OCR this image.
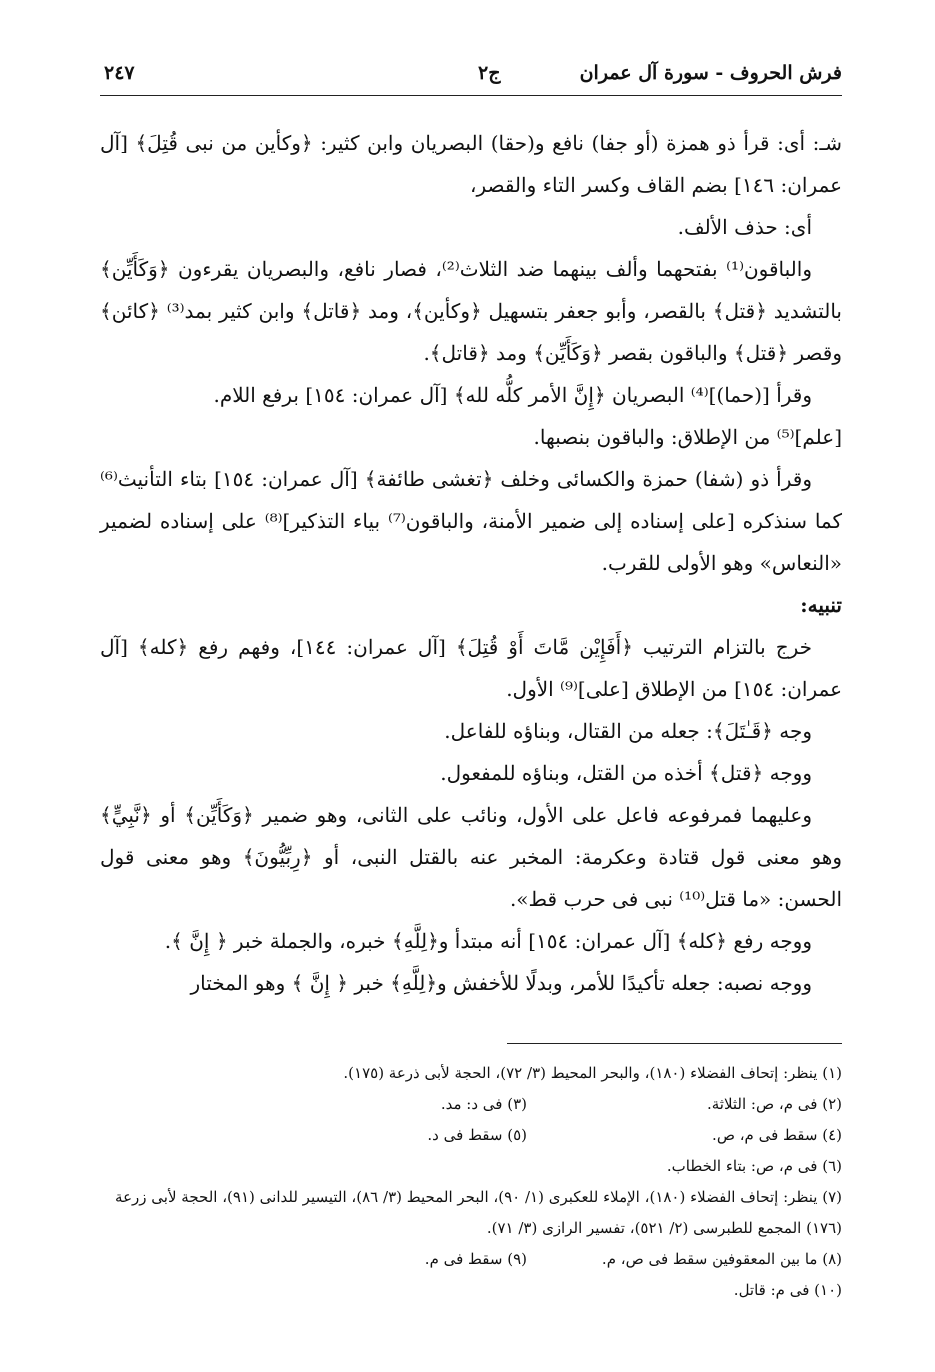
٢٤٧	ج٢	فرش الحروف - سورة آل عمران

شـ: أى: قرأ ذو همزة (أو جفا) نافع و(حقا) البصريان وابن كثير: ﴿وكأين من نبى قُتِلَ﴾ [آل عمران: ١٤٦] بضم القاف وكسر التاء والقصر،

أى: حذف الألف.

والباقون⁽¹⁾ بفتحهما وألف بينهما ضد الثلاث⁽²⁾، فصار نافع، والبصريان يقرءون ﴿وَكَأَيِّن﴾ بالتشديد ﴿قتل﴾ بالقصر، وأبو جعفر بتسهيل ﴿وكأين﴾، ومد ﴿قاتل﴾ وابن كثير بمد⁽³⁾ ﴿كائن﴾ وقصر ﴿قتل﴾ والباقون بقصر ﴿وَكَأَيِّن﴾ ومد ﴿قاتل﴾.

وقرأ [(حما)]⁽⁴⁾ البصريان ﴿إِنَّ الأمر كلُّه لله﴾ [آل عمران: ١٥٤] برفع اللام.

[علم]⁽⁵⁾ من الإطلاق: والباقون بنصبها.

وقرأ ذو (شفا) حمزة والكسائى وخلف ﴿تغشى طائفة﴾ [آل عمران: ١٥٤] بتاء التأنيث⁽⁶⁾ كما سنذكره [على إسناده إلى ضمير الأمنة، والباقون⁽⁷⁾ بياء التذكير]⁽⁸⁾ على إسناده لضمير «النعاس» وهو الأولى للقرب.

تنبيه:

خرج بالتزام الترتيب ﴿أَفَإِيْن مَّاتَ أَوْ قُتِلَ﴾ [آل عمران: ١٤٤]، وفهم رفع ﴿كله﴾ [آل عمران: ١٥٤] من الإطلاق [على]⁽⁹⁾ الأول.

وجه ﴿قَـٰتَلَ﴾: جعله من القتال، وبناؤه للفاعل.

ووجه ﴿قتل﴾ أخذه من القتل، وبناؤه للمفعول.

وعليهما فمرفوعه فاعل على الأول، ونائب على الثانى، وهو ضمير ﴿وَكَأَيِّن﴾ أو ﴿نَّبِيٍّ﴾ وهو معنى قول قتادة وعكرمة: المخبر عنه بالقتل النبى، أو ﴿رِبِّيُّونَ﴾ وهو معنى قول الحسن: «ما قتل⁽¹⁰⁾ نبى فى حرب قط».

ووجه رفع ﴿كله﴾ [آل عمران: ١٥٤] أنه مبتدأ و﴿لِلَّهِ﴾ خبره، والجملة خبر ﴿ إِنَّ ﴾.

ووجه نصبه: جعله تأكيدًا للأمر، وبدلًا للأخفش و﴿لِلَّهِ﴾ خبر ﴿ إِنَّ ﴾ وهو المختار

(١) ينظر: إتحاف الفضلاء (١٨٠)، والبحر المحيط (٣/ ٧٢)، الحجة لأبى ذرعة (١٧٥).
(٢) فى م، ص: الثلاثة.
(٣) فى د: مد.
(٤) سقط فى م، ص.
(٥) سقط فى د.
(٦) فى م، ص: بتاء الخطاب.
(٧) ينظر: إتحاف الفضلاء (١٨٠)، الإملاء للعكبرى (١/ ٩٠)، البحر المحيط (٣/ ٨٦)، التيسير للدانى (٩١)، الحجة لأبى زرعة (١٧٦) المجمع للطبرسى (٢/ ٥٢١)، تفسير الرازى (٣/ ٧١).
(٨) ما بين المعقوفين سقط فى ص، م.
(٩) سقط فى م.
(١٠) فى م: قاتل.
